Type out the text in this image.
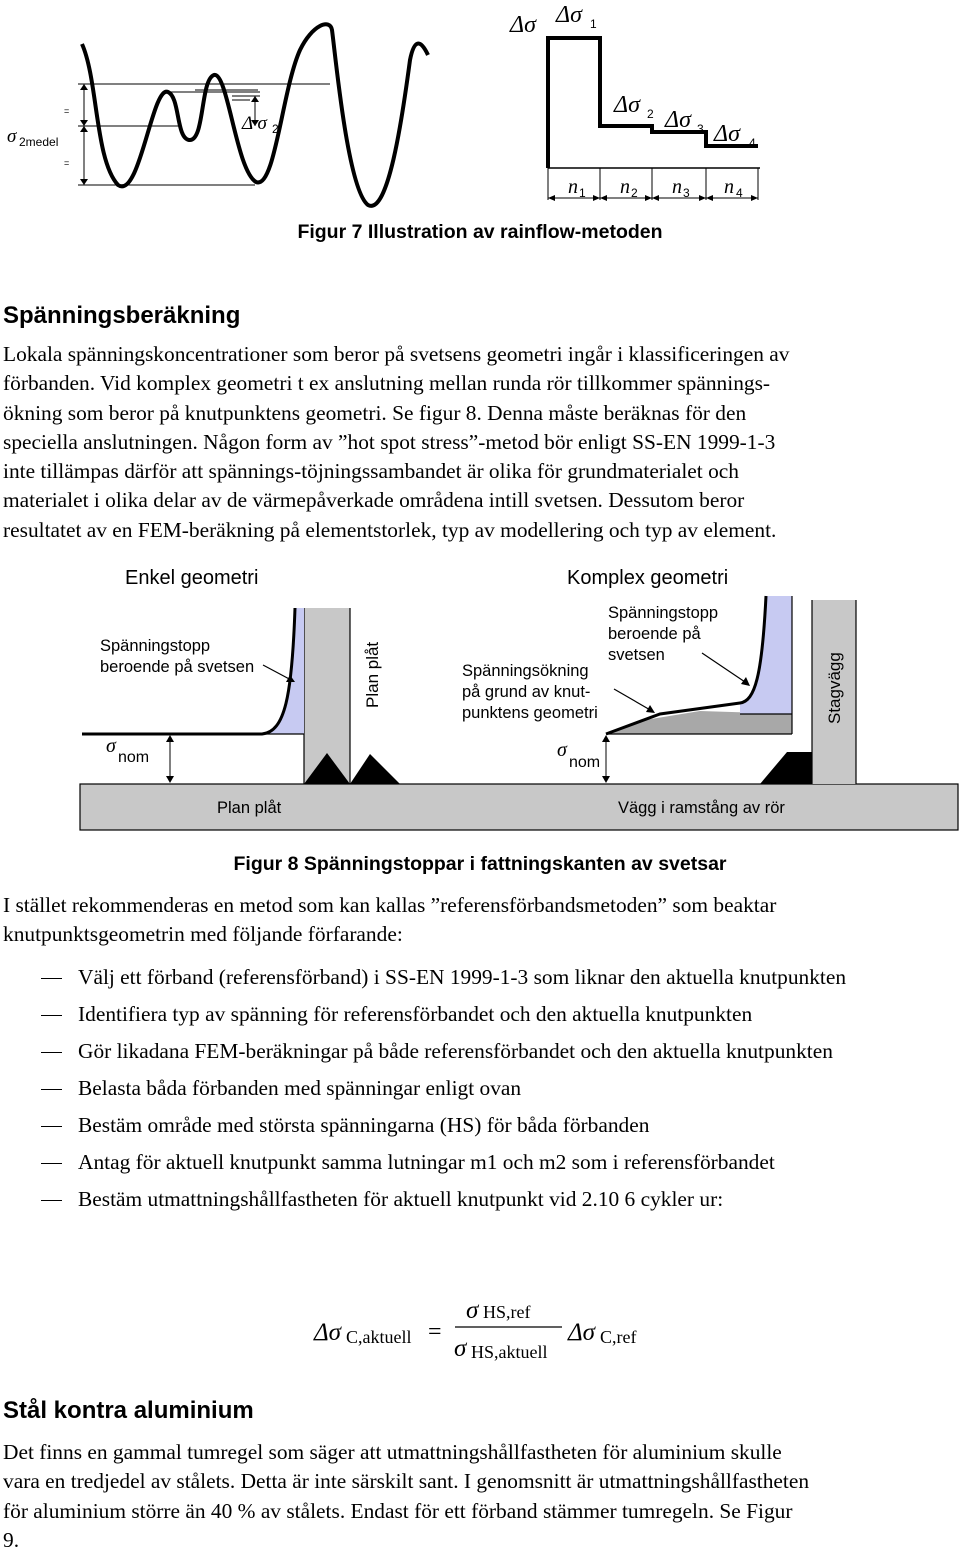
=
=
σ 2medel
Δ σ 2
Δσ Δσ 1
Δσ 2 Δσ 3 Δσ 4
n 1 n 2 n 3 n 4
Figur 7 Illustration av rainflow-metoden
Spänningsberäkning
Lokala spänningskoncentrationer som beror på svetsens geometri ingår i klassificeringen av
förbanden. Vid komplex geometri t ex anslutning mellan runda rör tillkommer spännings-
ökning som beror på knutpunktens geometri. Se figur 8. Denna måste beräknas för den
speciella anslutningen. Någon form av ”hot spot stress”-metod bör enligt SS-EN 1999-1-3
inte tillämpas därför att spännings-töjningssambandet är olika för grundmaterialet och
materialet i olika delar av de värmepåverkade områdena intill svetsen. Dessutom beror
resultatet av en FEM-beräkning på elementstorlek, typ av modellering och typ av element.
Enkel geometri	Komplex geometri
Plan plåt
Spänningstopp
beroende på svetsen
σ
nom
Plan plåt
Stagvägg
Spänningstopp
beroende på
svetsen
Spänningsökning
på grund av knut-
punktens geometri
σ
nom
Vägg i ramstång av rör
Figur 8 Spänningstoppar i fattningskanten av svetsar
I stället rekommenderas en metod som kan kallas ”referensförbandsmetoden” som beaktar
knutpunktsgeometrin med följande förfarande:
Välj ett förband (referensförband) i SS-EN 1999-1-3 som liknar den aktuella knutpunkten
Identifiera typ av spänning för referensförbandet och den aktuella knutpunkten
Gör likadana FEM-beräkningar på både referensförbandet och den aktuella knutpunkten
Belasta båda förbanden med spänningar enligt ovan
Bestäm område med största spänningarna (HS) för båda förbanden
Antag för aktuell knutpunkt samma lutningar m1 och m2 som i referensförbandet
Bestäm utmattningshållfastheten för aktuell knutpunkt vid 2.10 6 cykler ur:
Δσ C,aktuell =
σ HS,ref
σ HS,aktuell
Δσ C,ref
Stål kontra aluminium
Det finns en gammal tumregel som säger att utmattningshållfastheten för aluminium skulle
vara en tredjedel av stålets. Detta är inte särskilt sant. I genomsnitt är utmattningshållfastheten
för aluminium större än 40 % av stålets. Endast för ett förband stämmer tumregeln. Se Figur
9.
